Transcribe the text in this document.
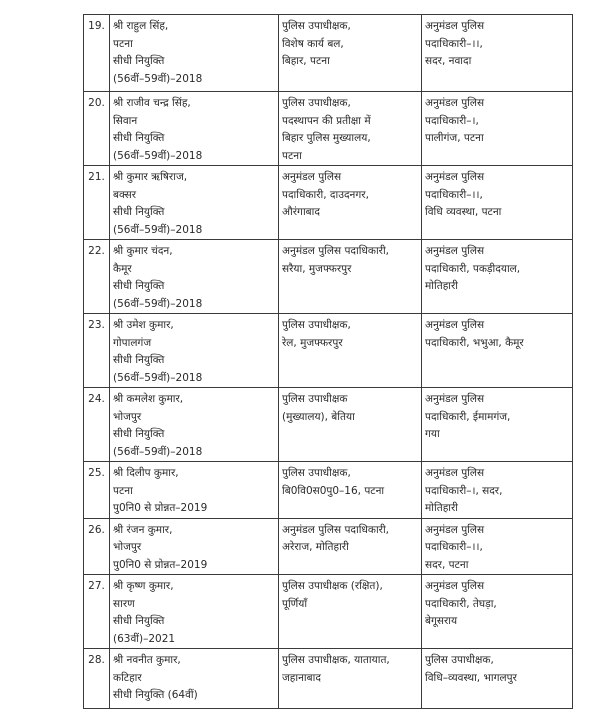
19.	श्री राहुल सिंह,
पटना
सीधी नियुक्ति
(56वीं–59वीं)–2018	पुलिस उपाधीक्षक,
विशेष कार्य बल,
बिहार, पटना	अनुमंडल पुलिस
पदाधिकारी–।।,
सदर, नवादा

20.	श्री राजीव चन्द्र सिंह,
सिवान
सीधी नियुक्ति
(56वीं–59वीं)–2018	पुलिस उपाधीक्षक,
पदस्थापन की प्रतीक्षा में
बिहार पुलिस मुख्यालय,
पटना	अनुमंडल पुलिस
पदाधिकारी–।,
पालीगंज, पटना

21.	श्री कुमार ऋषिराज,
बक्सर
सीधी नियुक्ति
(56वीं–59वीं)–2018	अनुमंडल पुलिस
पदाधिकारी, दाउदनगर,
औरंगाबाद	अनुमंडल पुलिस
पदाधिकारी–।।,
विधि व्यवस्था, पटना

22.	श्री कुमार चंदन,
कैमूर
सीधी नियुक्ति
(56वीं–59वीं)–2018	अनुमंडल पुलिस पदाधिकारी,
सरैया, मुजफ्फरपुर	अनुमंडल पुलिस
पदाधिकारी, पकड़ीदयाल,
मोतिहारी

23.	श्री उमेश कुमार,
गोपालगंज
सीधी नियुक्ति
(56वीं–59वीं)–2018	पुलिस उपाधीक्षक,
रेल, मुजफ्फरपुर	अनुमंडल पुलिस
पदाधिकारी, भभुआ, कैमूर

24.	श्री कमलेश कुमार,
भोजपुर
सीधी नियुक्ति
(56वीं–59वीं)–2018	पुलिस उपाधीक्षक
(मुख्यालय), बेतिया	अनुमंडल पुलिस
पदाधिकारी, ईमामगंज,
गया

25.	श्री दिलीप कुमार,
पटना
पु0नि0 से प्रोन्नत–2019	पुलिस उपाधीक्षक,
बि0वि0स0पु0–16, पटना	अनुमंडल पुलिस
पदाधिकारी–।, सदर,
मोतिहारी

26.	श्री रंजन कुमार,
भोजपुर
पु0नि0 से प्रोन्नत–2019	अनुमंडल पुलिस पदाधिकारी,
अरेराज, मोतिहारी	अनुमंडल पुलिस
पदाधिकारी–।।,
सदर, पटना

27.	श्री कृष्ण कुमार,
सारण
सीधी नियुक्ति
(63वीं)–2021	पुलिस उपाधीक्षक (रक्षित),
पूर्णियाँ	अनुमंडल पुलिस
पदाधिकारी, तेघड़ा,
बेगूसराय

28.	श्री नवनीत कुमार,
कटिहार
सीधी नियुक्ति (64वीं)	पुलिस उपाधीक्षक, यातायात,
जहानाबाद	पुलिस उपाधीक्षक,
विधि–व्यवस्था, भागलपुर
